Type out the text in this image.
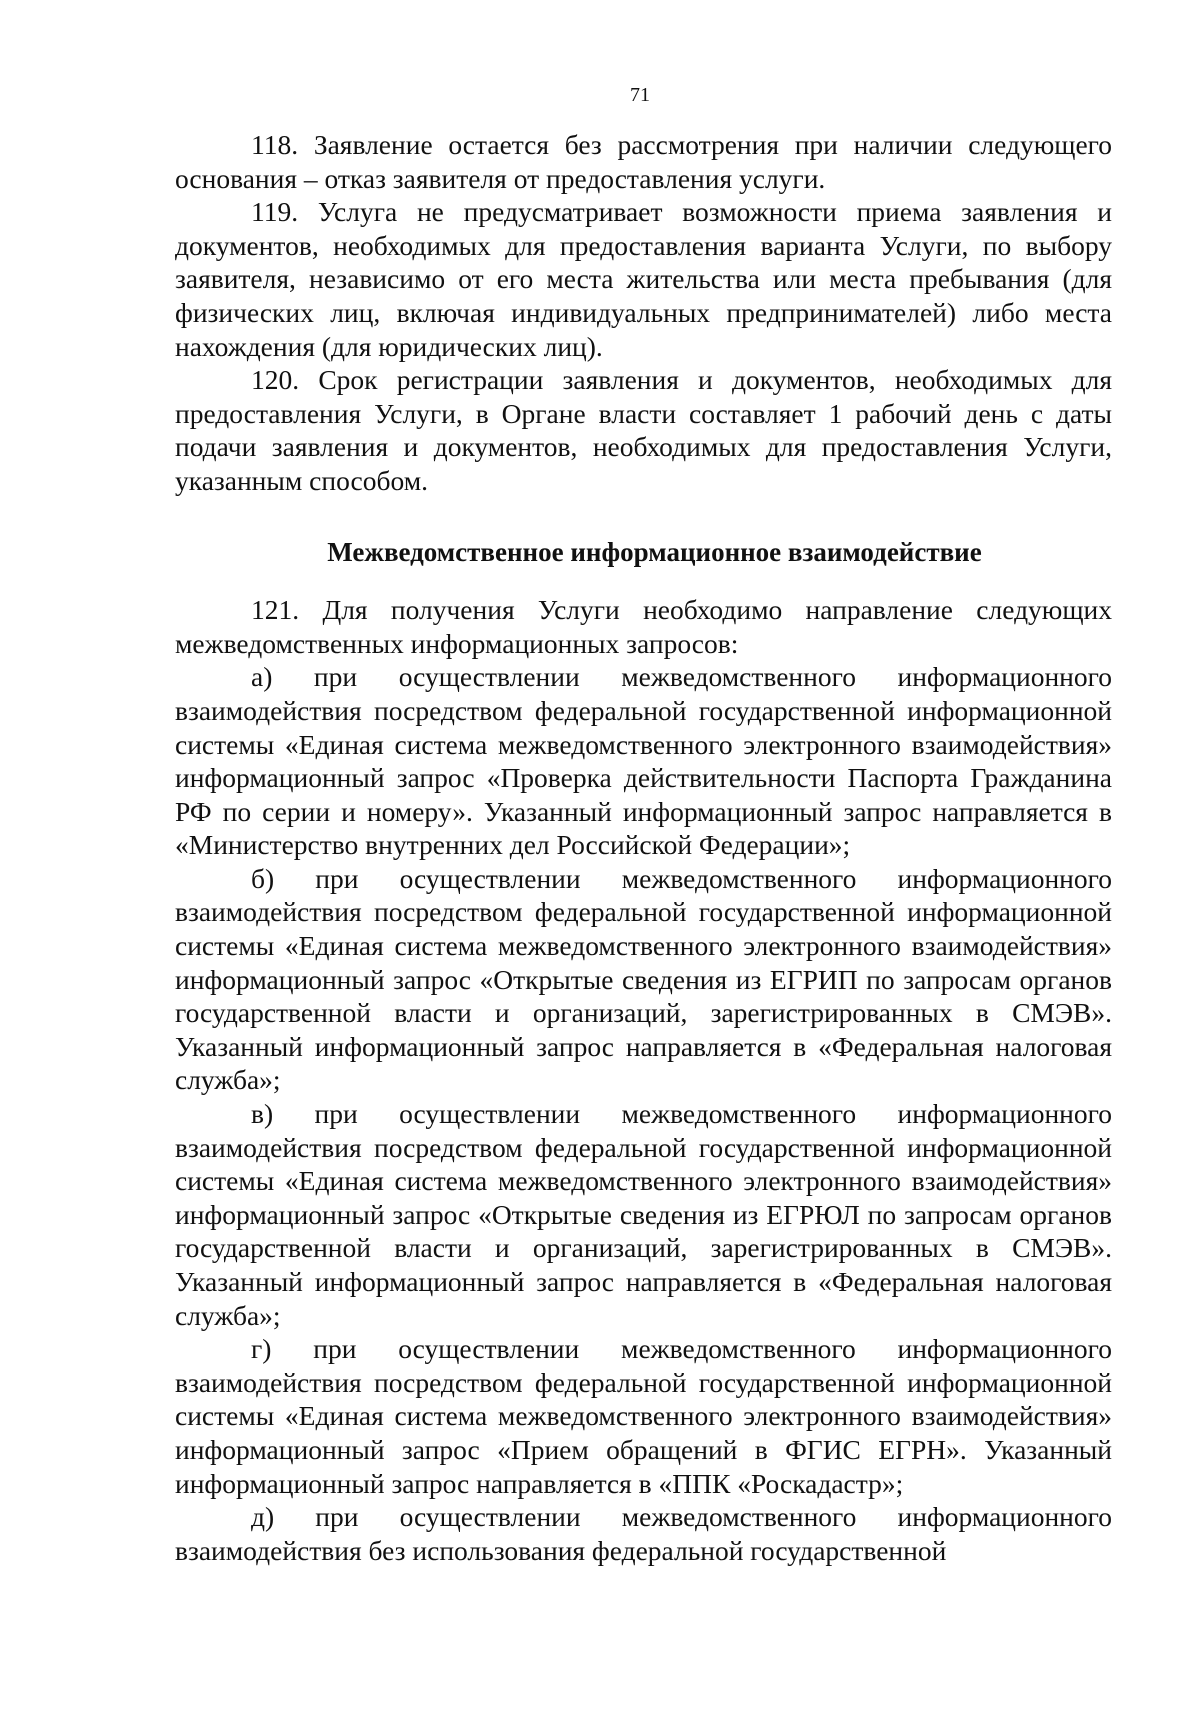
71

118. Заявление остается без рассмотрения при наличии следующего основания – отказ заявителя от предоставления услуги.

119. Услуга не предусматривает возможности приема заявления и документов, необходимых для предоставления варианта Услуги, по выбору заявителя, независимо от его места жительства или места пребывания (для физических лиц, включая индивидуальных предпринимателей) либо места нахождения (для юридических лиц).

120. Срок регистрации заявления и документов, необходимых для предоставления Услуги, в Органе власти составляет 1 рабочий день с даты подачи заявления и документов, необходимых для предоставления Услуги, указанным способом.

Межведомственное информационное взаимодействие

121. Для получения Услуги необходимо направление следующих межведомственных информационных запросов:

а) при осуществлении межведомственного информационного взаимодействия посредством федеральной государственной информационной системы «Единая система межведомственного электронного взаимодействия» информационный запрос «Проверка действительности Паспорта Гражданина РФ по серии и номеру». Указанный информационный запрос направляется в «Министерство внутренних дел Российской Федерации»;

б) при осуществлении межведомственного информационного взаимодействия посредством федеральной государственной информационной системы «Единая система межведомственного электронного взаимодействия» информационный запрос «Открытые сведения из ЕГРИП по запросам органов государственной власти и организаций, зарегистрированных в СМЭВ». Указанный информационный запрос направляется в «Федеральная налоговая служба»;

в) при осуществлении межведомственного информационного взаимодействия посредством федеральной государственной информационной системы «Единая система межведомственного электронного взаимодействия» информационный запрос «Открытые сведения из ЕГРЮЛ по запросам органов государственной власти и организаций, зарегистрированных в СМЭВ». Указанный информационный запрос направляется в «Федеральная налоговая служба»;

г) при осуществлении межведомственного информационного взаимодействия посредством федеральной государственной информационной системы «Единая система межведомственного электронного взаимодействия» информационный запрос «Прием обращений в ФГИС ЕГРН». Указанный информационный запрос направляется в «ППК «Роскадастр»;

д) при осуществлении межведомственного информационного взаимодействия без использования федеральной государственной
